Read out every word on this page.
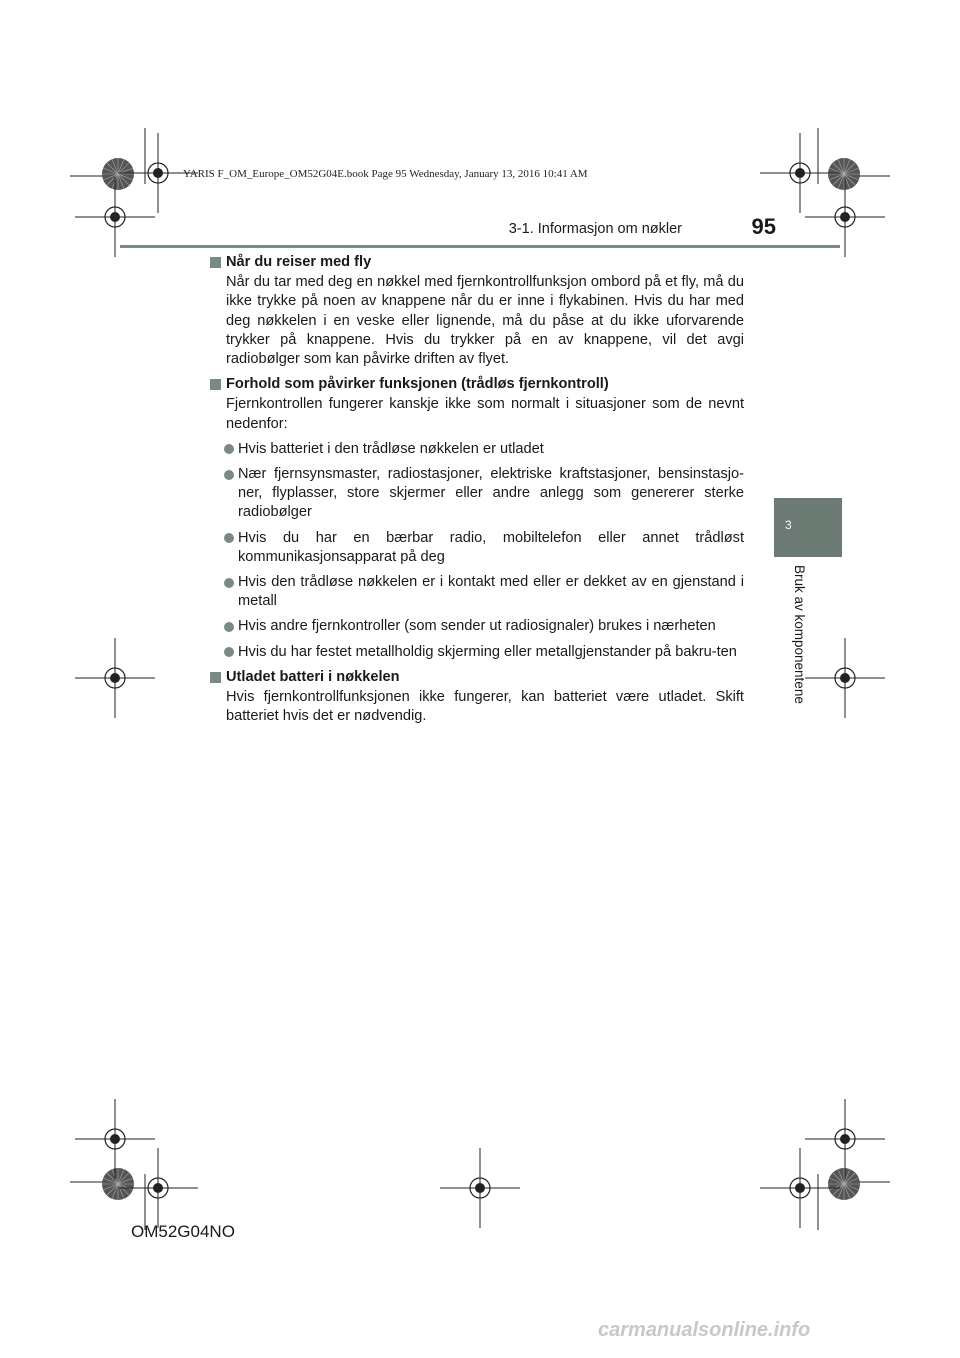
YARIS F_OM_Europe_OM52G04E.book Page 95 Wednesday, January 13, 2016 10:41 AM
3-1. Informasjon om nøkler	95
3
Bruk av komponentene
Når du reiser med fly
Når du tar med deg en nøkkel med fjernkontrollfunksjon ombord på et fly, må du ikke trykke på noen av knappene når du er inne i flykabinen. Hvis du har med deg nøkkelen i en veske eller lignende, må du påse at du ikke uforvarende trykker på knappene. Hvis du trykker på en av knappene, vil det avgi radiobølger som kan påvirke driften av flyet.
Forhold som påvirker funksjonen (trådløs fjernkontroll)
Fjernkontrollen fungerer kanskje ikke som normalt i situasjoner som de nevnt nedenfor:
Hvis batteriet i den trådløse nøkkelen er utladet
Nær fjernsynsmaster, radiostasjoner, elektriske kraftstasjoner, bensinstasjo-ner, flyplasser, store skjermer eller andre anlegg som genererer sterke radiobølger
Hvis du har en bærbar radio, mobiltelefon eller annet trådløst kommunikasjonsapparat på deg
Hvis den trådløse nøkkelen er i kontakt med eller er dekket av en gjenstand i metall
Hvis andre fjernkontroller (som sender ut radiosignaler) brukes i nærheten
Hvis du har festet metallholdig skjerming eller metallgjenstander på bakru-ten
Utladet batteri i nøkkelen
Hvis fjernkontrollfunksjonen ikke fungerer, kan batteriet være utladet. Skift batteriet hvis det er nødvendig.
OM52G04NO
carmanualsonline.info
